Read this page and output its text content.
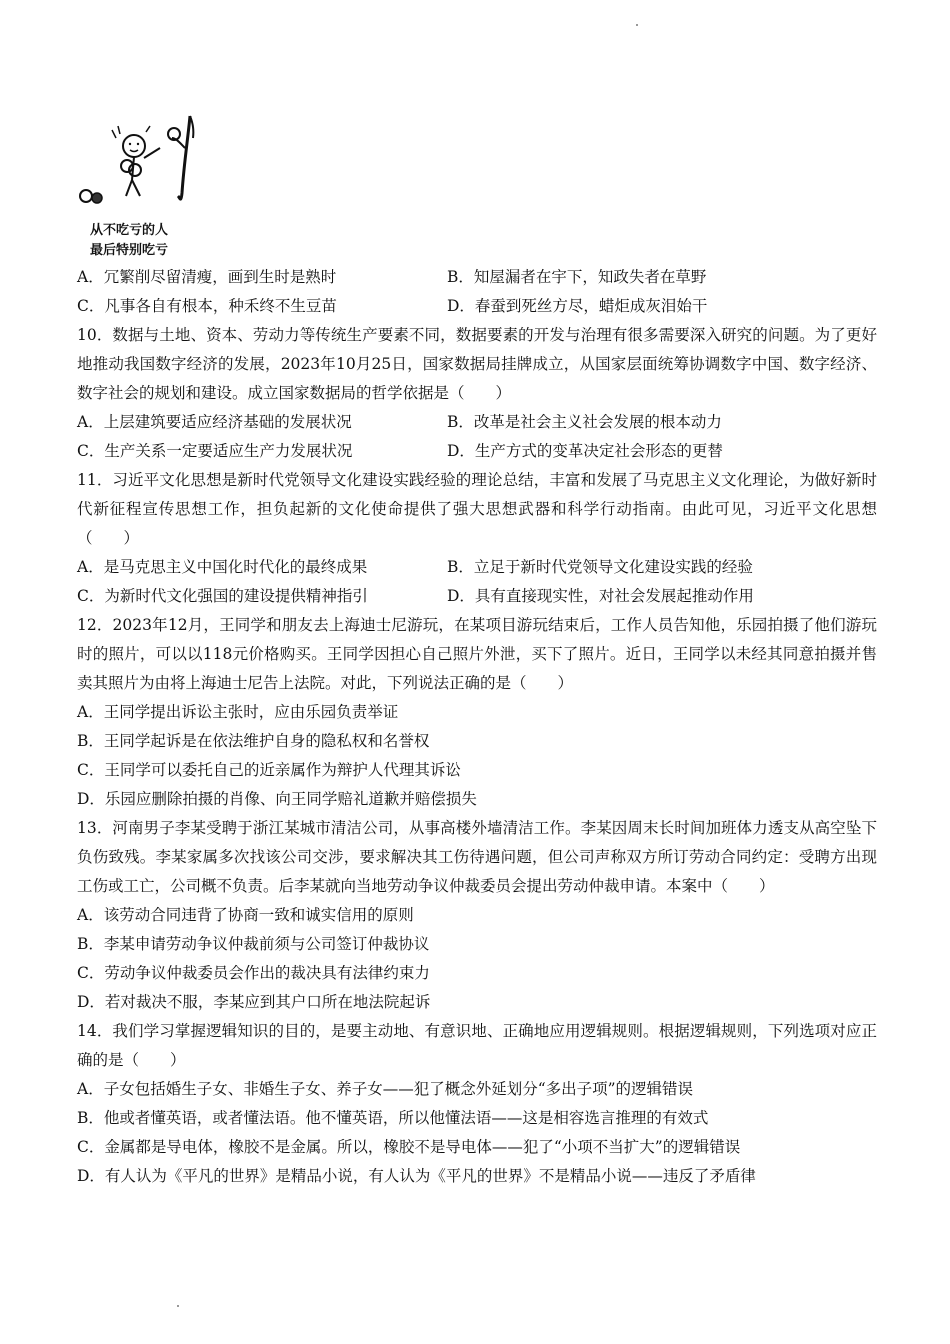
从不吃亏的人
最后特别吃亏
A．冗繁削尽留清瘦，画到生时是熟时	B．知屋漏者在宇下，知政失者在草野
C．凡事各自有根本，种禾终不生豆苗	D．春蚕到死丝方尽，蜡炬成灰泪始干
10．数据与土地、资本、劳动力等传统生产要素不同，数据要素的开发与治理有很多需要深入研究的问题。为了更好地推动我国数字经济的发展，2023年10月25日，国家数据局挂牌成立，从国家层面统筹协调数字中国、数字经济、数字社会的规划和建设。成立国家数据局的哲学依据是（　　）
A．上层建筑要适应经济基础的发展状况	B．改革是社会主义社会发展的根本动力
C．生产关系一定要适应生产力发展状况	D．生产方式的变革决定社会形态的更替
11．习近平文化思想是新时代党领导文化建设实践经验的理论总结，丰富和发展了马克思主义文化理论，为做好新时代新征程宣传思想工作，担负起新的文化使命提供了强大思想武器和科学行动指南。由此可见，习近平文化思想（　　）
A．是马克思主义中国化时代化的最终成果	B．立足于新时代党领导文化建设实践的经验
C．为新时代文化强国的建设提供精神指引	D．具有直接现实性，对社会发展起推动作用
12．2023年12月，王同学和朋友去上海迪士尼游玩，在某项目游玩结束后，工作人员告知他，乐园拍摄了他们游玩时的照片，可以以118元价格购买。王同学因担心自己照片外泄，买下了照片。近日，王同学以未经其同意拍摄并售卖其照片为由将上海迪士尼告上法院。对此，下列说法正确的是（　　）
A．王同学提出诉讼主张时，应由乐园负责举证
B．王同学起诉是在依法维护自身的隐私权和名誉权
C．王同学可以委托自己的近亲属作为辩护人代理其诉讼
D．乐园应删除拍摄的肖像、向王同学赔礼道歉并赔偿损失
13．河南男子李某受聘于浙江某城市清洁公司，从事高楼外墙清洁工作。李某因周末长时间加班体力透支从高空坠下负伤致残。李某家属多次找该公司交涉，要求解决其工伤待遇问题，但公司声称双方所订劳动合同约定：受聘方出现工伤或工亡，公司概不负责。后李某就向当地劳动争议仲裁委员会提出劳动仲裁申请。本案中（　　）
A．该劳动合同违背了协商一致和诚实信用的原则
B．李某申请劳动争议仲裁前须与公司签订仲裁协议
C．劳动争议仲裁委员会作出的裁决具有法律约束力
D．若对裁决不服，李某应到其户口所在地法院起诉
14．我们学习掌握逻辑知识的目的，是要主动地、有意识地、正确地应用逻辑规则。根据逻辑规则，下列选项对应正确的是（　　）
A．子女包括婚生子女、非婚生子女、养子女——犯了概念外延划分“多出子项”的逻辑错误
B．他或者懂英语，或者懂法语。他不懂英语，所以他懂法语——这是相容选言推理的有效式
C．金属都是导电体，橡胶不是金属。所以，橡胶不是导电体——犯了“小项不当扩大”的逻辑错误
D．有人认为《平凡的世界》是精品小说，有人认为《平凡的世界》不是精品小说——违反了矛盾律
